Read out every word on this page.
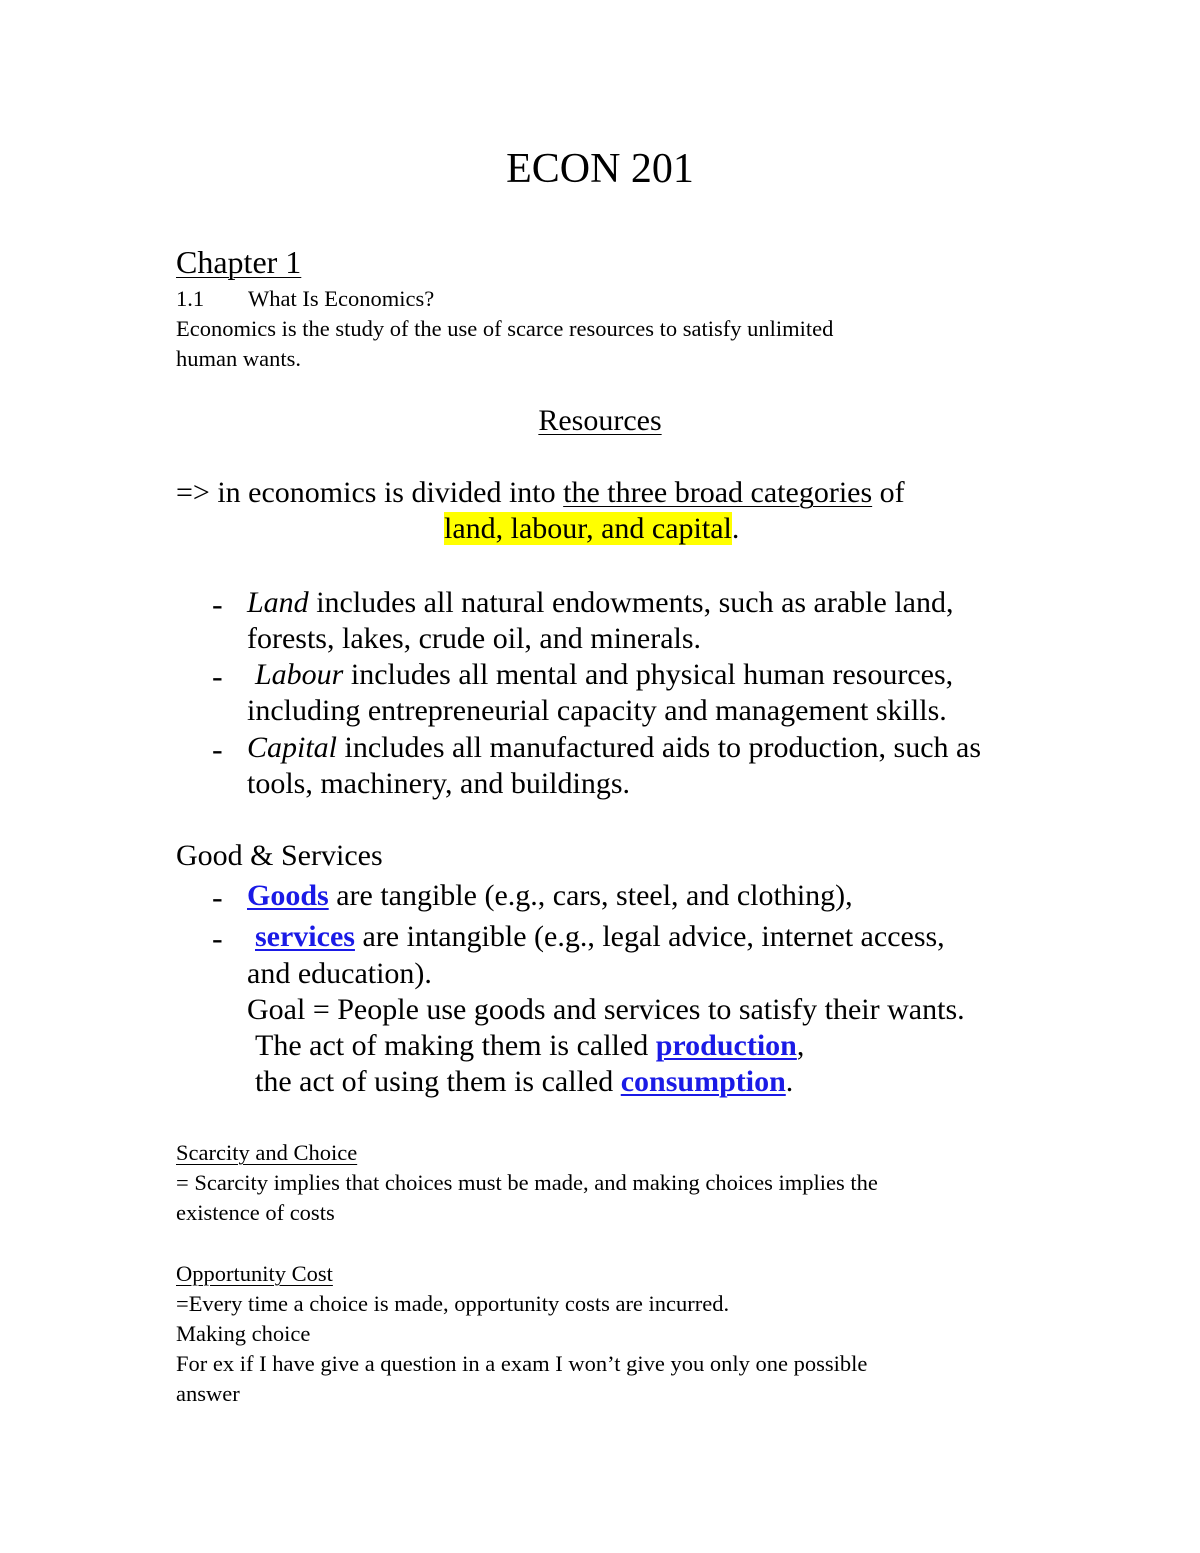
ECON 201
Chapter 1
1.1 What Is Economics?
Economics is the study of the use of scarce resources to satisfy unlimited
human wants.
Resources
=> in economics is divided into the three broad categories of
land, labour, and capital.
- Land includes all natural endowments, such as arable land,
forests, lakes, crude oil, and minerals.
- Labour includes all mental and physical human resources,
including entrepreneurial capacity and management skills.
- Capital includes all manufactured aids to production, such as
tools, machinery, and buildings.
Good & Services
- Goods are tangible (e.g., cars, steel, and clothing),
- services are intangible (e.g., legal advice, internet access,
and education).
Goal = People use goods and services to satisfy their wants.
The act of making them is called production,
the act of using them is called consumption.
Scarcity and Choice
= Scarcity implies that choices must be made, and making choices implies the
existence of costs
Opportunity Cost
=Every time a choice is made, opportunity costs are incurred.
Making choice
For ex if I have give a question in a exam I won’t give you only one possible
answer
